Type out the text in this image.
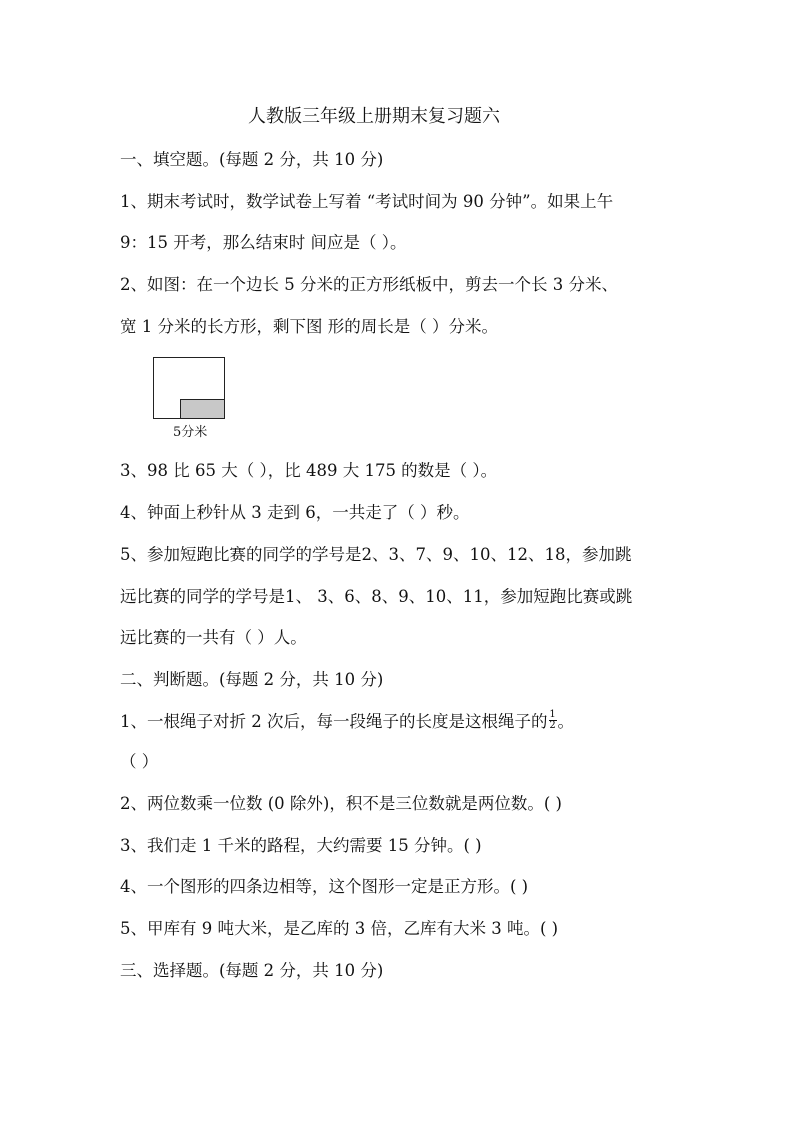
人教版三年级上册期末复习题六
一、填空题。(每题 2 分，共 10 分)
1、期末考试时，数学试卷上写着 “考试时间为 90 分钟”。如果上午
9：15 开考，那么结束时 间应是（ ）。
2、如图：在一个边长 5 分米的正方形纸板中，剪去一个长 3 分米、
宽 1 分米的长方形，剩下图 形的周长是（ ）分米。
5分米
3、98 比 65 大（ ），比 489 大 175 的数是（ ）。
4、钟面上秒针从 3 走到 6，一共走了（ ）秒。
5、参加短跑比赛的同学的学号是2、3、7、9、10、12、18，参加跳
远比赛的同学的学号是1、 3、6、8、9、10、11，参加短跑比赛或跳
远比赛的一共有（ ）人。
二、判断题。(每题 2 分，共 10 分)
1、一根绳子对折 2 次后，每一段绳子的长度是这根绳子的 $\frac{1}{2}$ 。
（ ）
2、两位数乘一位数 (0 除外)，积不是三位数就是两位数。( )
3、我们走 1 千米的路程，大约需要 15 分钟。( )
4、一个图形的四条边相等，这个图形一定是正方形。( )
5、甲库有 9 吨大米，是乙库的 3 倍，乙库有大米 3 吨。( )
三、选择题。(每题 2 分，共 10 分)
